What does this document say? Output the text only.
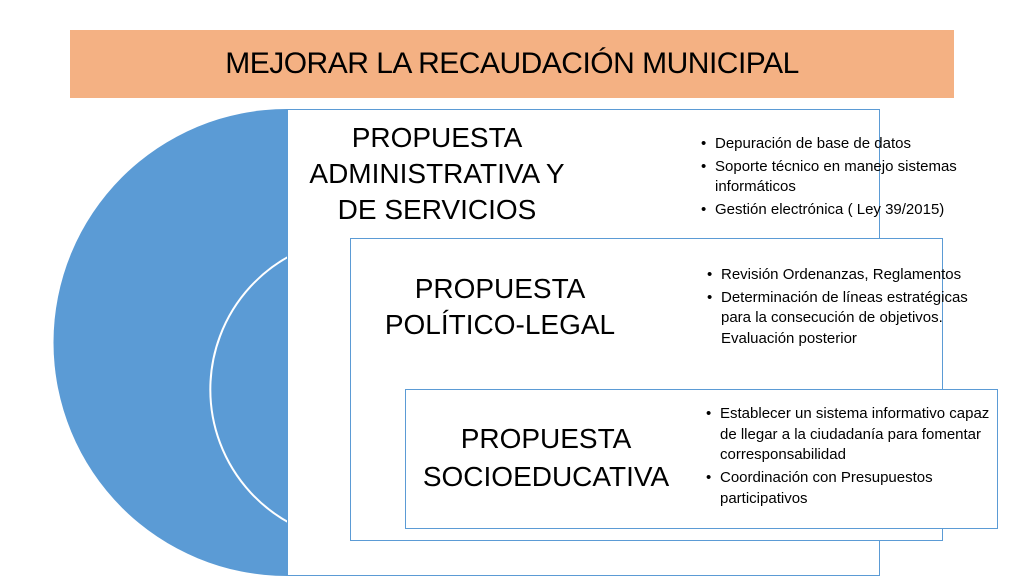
MEJORAR LA RECAUDACIÓN MUNICIPAL
PROPUESTA
ADMINISTRATIVA Y
DE SERVICIOS
• Depuración de base de datos
• Soporte técnico en manejo sistemas informáticos
• Gestión electrónica ( Ley 39/2015)
PROPUESTA
POLÍTICO-LEGAL
• Revisión Ordenanzas, Reglamentos
• Determinación de líneas estratégicas para la consecución de objetivos. Evaluación posterior
PROPUESTA
SOCIOEDUCATIVA
• Establecer un sistema informativo capaz de llegar a la ciudadanía para fomentar corresponsabilidad
• Coordinación con Presupuestos participativos
